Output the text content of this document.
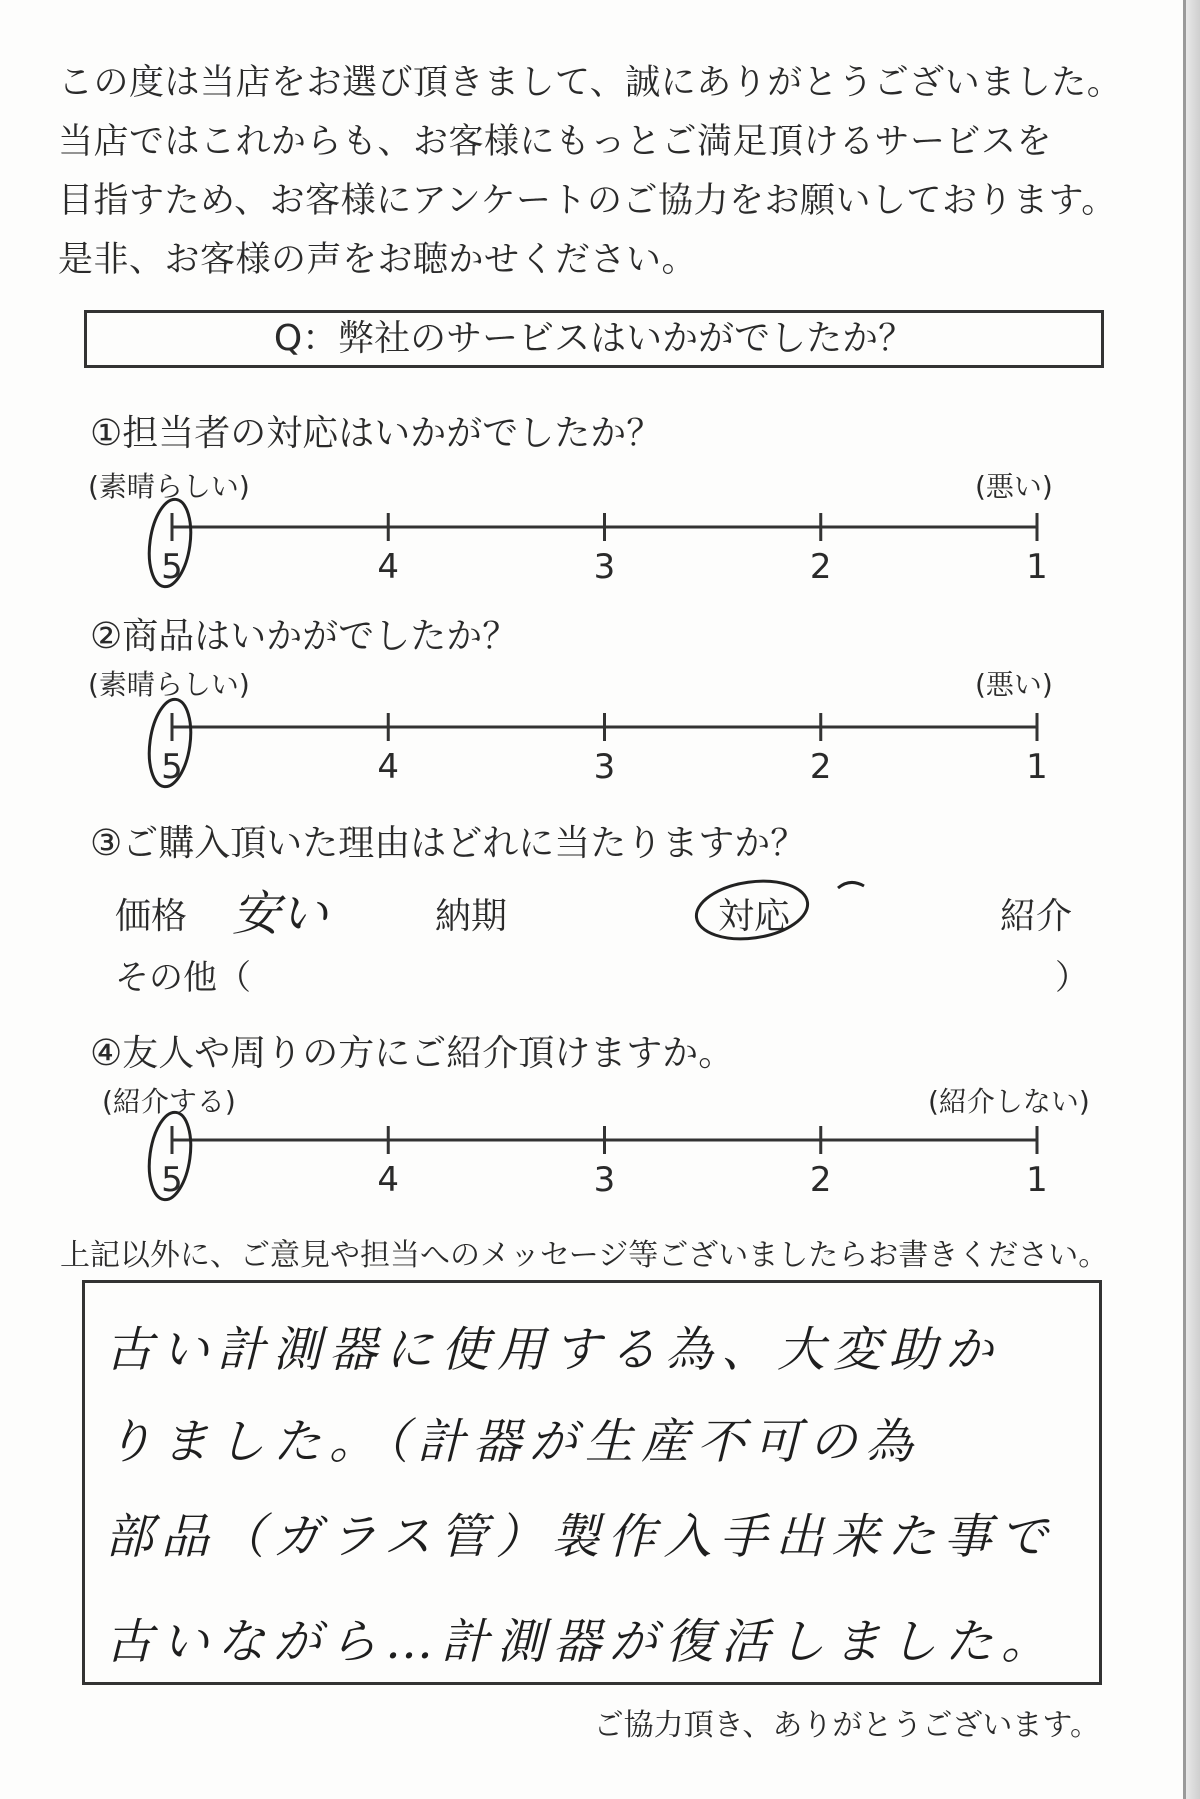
この度は当店をお選び頂きまして、誠にありがとうございました。
当店ではこれからも、お客様にもっとご満足頂けるサービスを
目指すため、お客様にアンケートのご協力をお願いしております。
是非、お客様の声をお聴かせください。
Q：弊社のサービスはいかがでしたか？
①担当者の対応はいかがでしたか？
(素晴らしい)	(悪い)
5	4	3	2	1
②商品はいかがでしたか？
(素晴らしい)	(悪い)
5	4	3	2	1
③ご購入頂いた理由はどれに当たりますか？
価格 安い	納期	対応	紹介
その他（	）
④友人や周りの方にご紹介頂けますか。
(紹介する)	(紹介しない)
5	4	3	2	1
上記以外に、ご意見や担当へのメッセージ等ございましたらお書きください。
古い計測器に使用する為、大変助か
りました。（計器が生産不可の為
部品（ガラス管）製作入手出来た事で
古いながら…計測器が復活しました。
ご協力頂き、ありがとうございます。
